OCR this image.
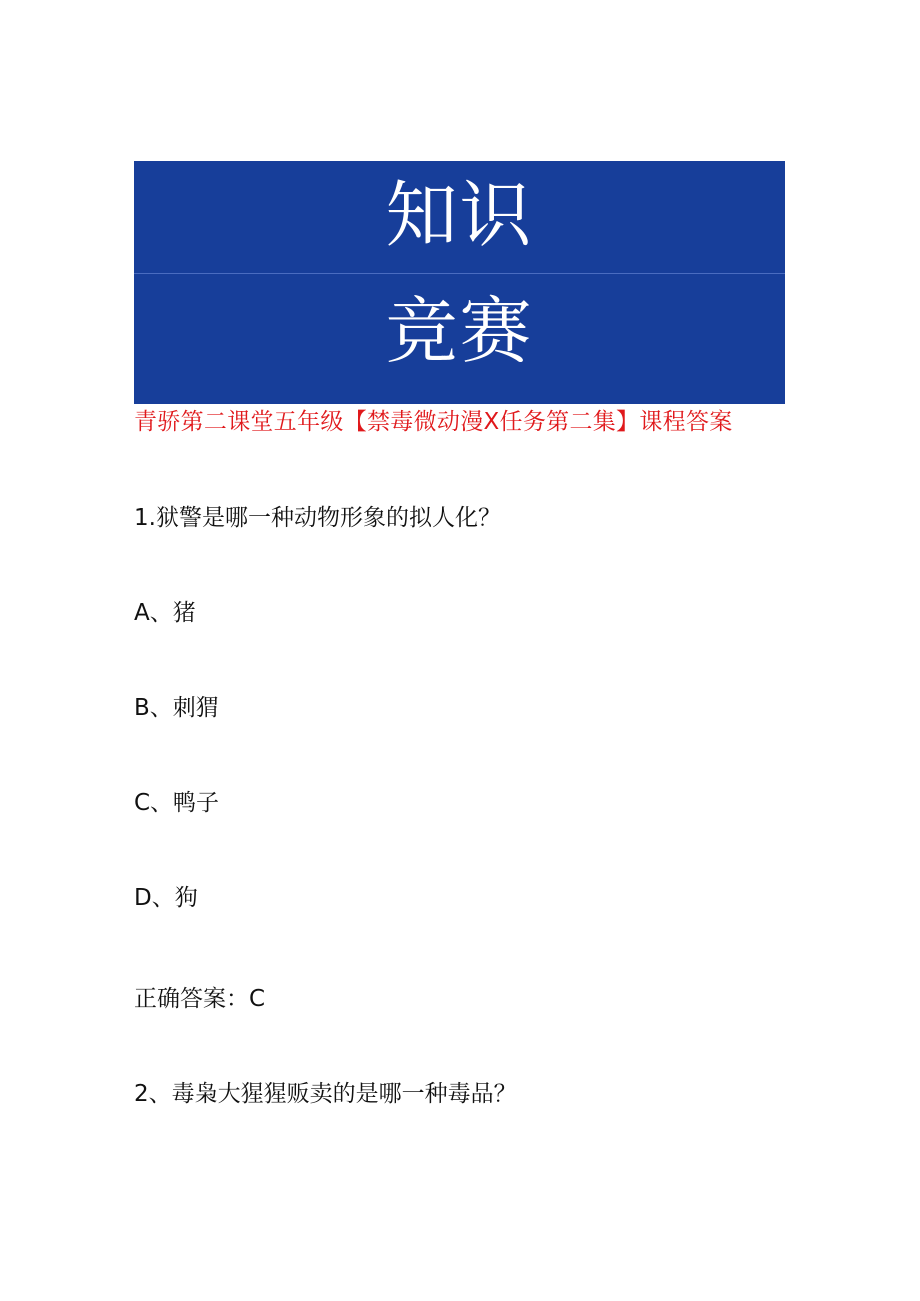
知识
竞赛
青骄第二课堂五年级【禁毒微动漫Ⅹ任务第二集】课程答案
1.狱警是哪一种动物形象的拟人化？
A、猪
B、刺猬
C、鸭子
D、狗
正确答案：C
2、毒枭大猩猩贩卖的是哪一种毒品？
